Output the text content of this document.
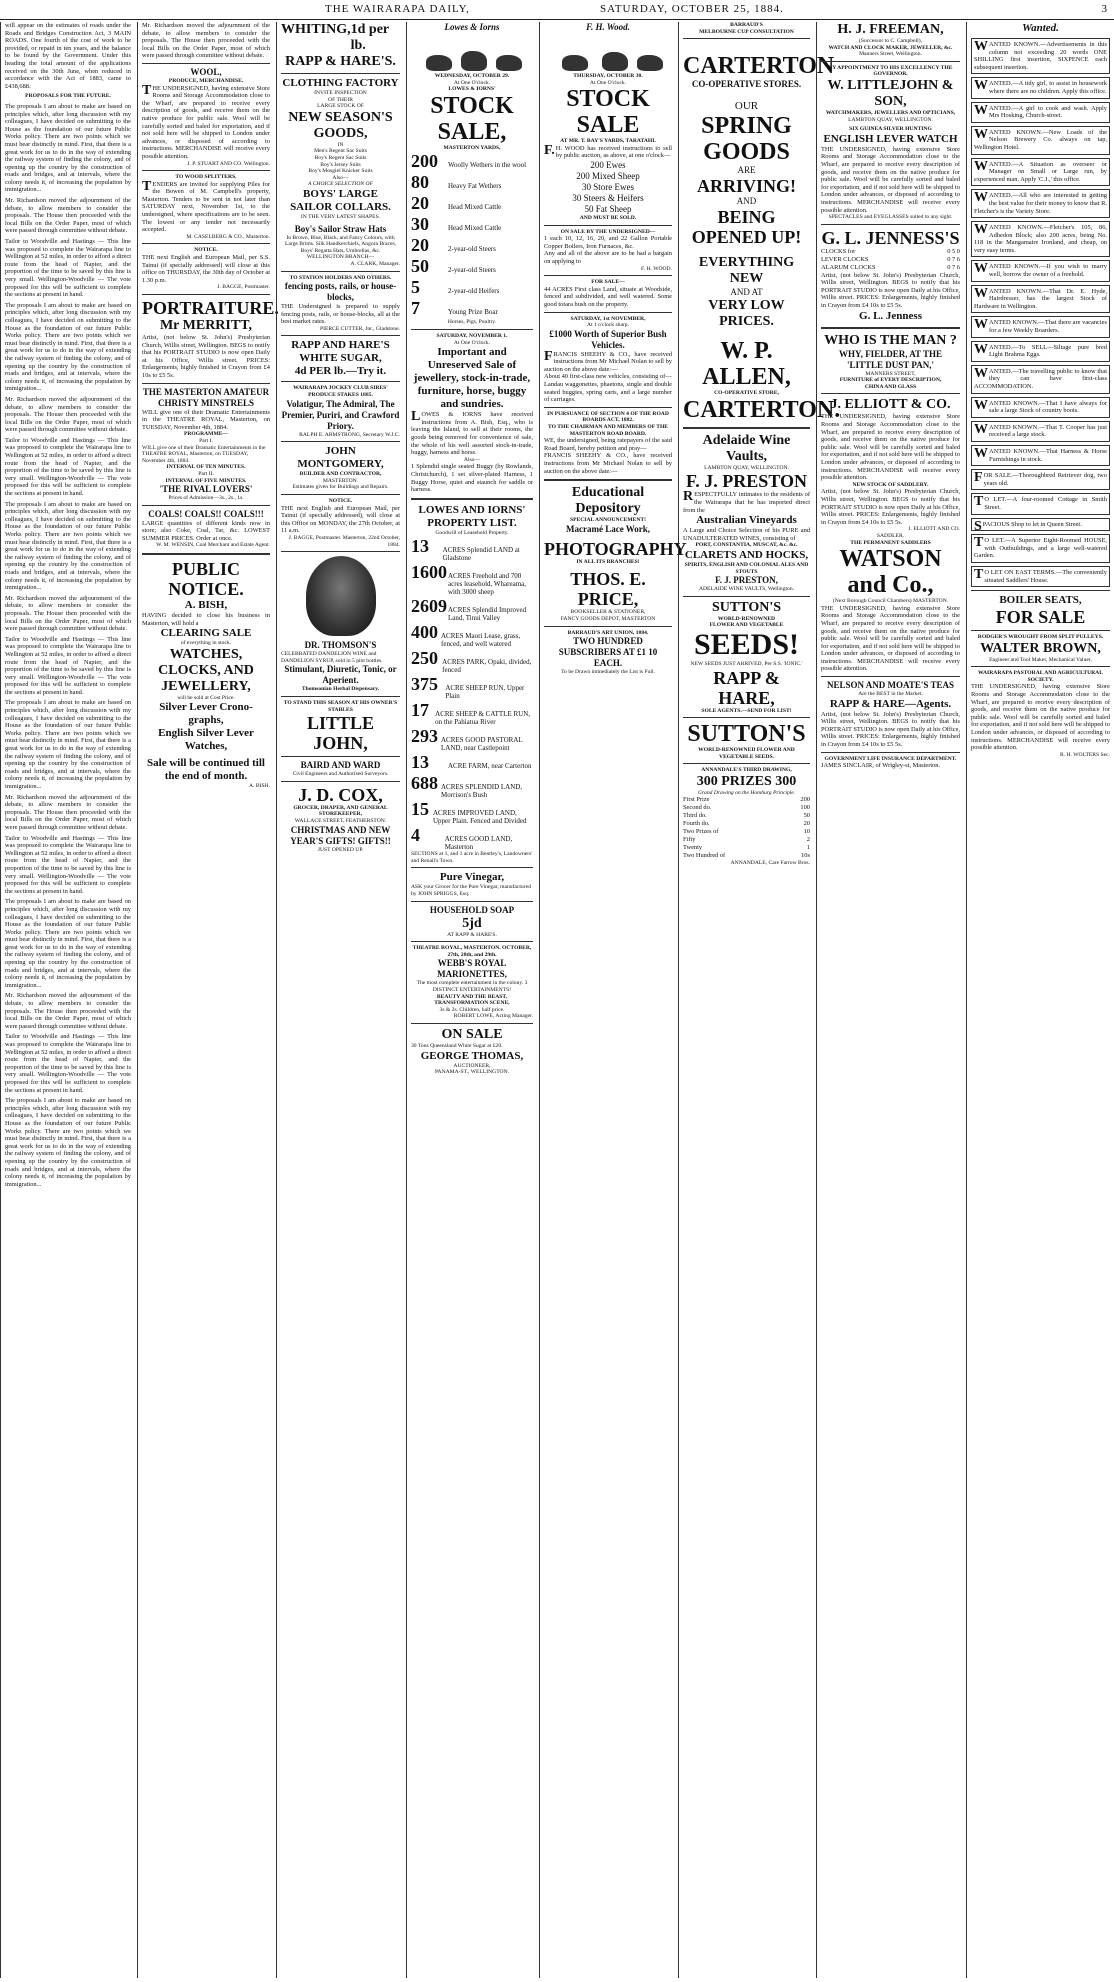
THE WAIRARAPA DAILY,	SATURDAY, OCTOBER 25, 1884.	3

will appear on the estimates of roads under the Roads and Bridges Construction Act, 3 MAIN ROADS. One fourth of the cost of work to be provided, or repaid in ten years, and the balance to be found by the Government. Under this heading the total amount of the applications received on the 30th June, when reduced in accordance with the Act of 1883, came to £438,688.

PROPOSALS FOR THE FUTURE.

The proposals I am about to make are based on principles which, after long discussion with my colleagues, I have decided on submitting to the House as the foundation of our future Public Works policy. There are two points which we must bear distinctly in mind. First, that there is a great work for us to do in the way of extending the railway system of finding the colony, and of opening up the country by the construction of roads and bridges, and at intervals, where the colony needs it, of increasing the population by immigration...

Mr. Richardson moved the adjournment of the debate, to allow members to consider the proposals. The House then proceeded with the local Bills on the Order Paper, most of which were passed through committee without debate.

Tailor to Woodville and Hastings — This line was proposed to complete the Wairarapa line to Wellington at 52 miles, in order to afford a direct route from the head of Napier, and the proportion of the time to be saved by this line is very small. Wellington-Woodville — The vote proposed for this will be sufficient to complete the sections at present in hand.

The proposals I am about to make are based on principles which, after long discussion with my colleagues, I have decided on submitting to the House as the foundation of our future Public Works policy. There are two points which we must bear distinctly in mind. First, that there is a great work for us to do in the way of extending the railway system of finding the colony, and of opening up the country by the construction of roads and bridges, and at intervals, where the colony needs it, of increasing the population by immigration...

Mr. Richardson moved the adjournment of the debate, to allow members to consider the proposals. The House then proceeded with the local Bills on the Order Paper, most of which were passed through committee without debate.

Tailor to Woodville and Hastings — This line was proposed to complete the Wairarapa line to Wellington at 52 miles, in order to afford a direct route from the head of Napier, and the proportion of the time to be saved by this line is very small. Wellington-Woodville — The vote proposed for this will be sufficient to complete the sections at present in hand.

The proposals I am about to make are based on principles which, after long discussion with my colleagues, I have decided on submitting to the House as the foundation of our future Public Works policy. There are two points which we must bear distinctly in mind. First, that there is a great work for us to do in the way of extending the railway system of finding the colony, and of opening up the country by the construction of roads and bridges, and at intervals, where the colony needs it, of increasing the population by immigration...

Mr. Richardson moved the adjournment of the debate, to allow members to consider the proposals. The House then proceeded with the local Bills on the Order Paper, most of which were passed through committee without debate.

Tailor to Woodville and Hastings — This line was proposed to complete the Wairarapa line to Wellington at 52 miles, in order to afford a direct route from the head of Napier, and the proportion of the time to be saved by this line is very small. Wellington-Woodville — The vote proposed for this will be sufficient to complete the sections at present in hand.

The proposals I am about to make are based on principles which, after long discussion with my colleagues, I have decided on submitting to the House as the foundation of our future Public Works policy. There are two points which we must bear distinctly in mind. First, that there is a great work for us to do in the way of extending the railway system of finding the colony, and of opening up the country by the construction of roads and bridges, and at intervals, where the colony needs it, of increasing the population by immigration...

Mr. Richardson moved the adjournment of the debate, to allow members to consider the proposals. The House then proceeded with the local Bills on the Order Paper, most of which were passed through committee without debate.

Tailor to Woodville and Hastings — This line was proposed to complete the Wairarapa line to Wellington at 52 miles, in order to afford a direct route from the head of Napier, and the proportion of the time to be saved by this line is very small. Wellington-Woodville — The vote proposed for this will be sufficient to complete the sections at present in hand.

The proposals I am about to make are based on principles which, after long discussion with my colleagues, I have decided on submitting to the House as the foundation of our future Public Works policy. There are two points which we must bear distinctly in mind. First, that there is a great work for us to do in the way of extending the railway system of finding the colony, and of opening up the country by the construction of roads and bridges, and at intervals, where the colony needs it, of increasing the population by immigration...

Mr. Richardson moved the adjournment of the debate, to allow members to consider the proposals. The House then proceeded with the local Bills on the Order Paper, most of which were passed through committee without debate.

Tailor to Woodville and Hastings — This line was proposed to complete the Wairarapa line to Wellington at 52 miles, in order to afford a direct route from the head of Napier, and the proportion of the time to be saved by this line is very small. Wellington-Woodville — The vote proposed for this will be sufficient to complete the sections at present in hand.

The proposals I am about to make are based on principles which, after long discussion with my colleagues, I have decided on submitting to the House as the foundation of our future Public Works policy. There are two points which we must bear distinctly in mind. First, that there is a great work for us to do in the way of extending the railway system of finding the colony, and of opening up the country by the construction of roads and bridges, and at intervals, where the colony needs it, of increasing the population by immigration...

Mr. Richardson moved the adjournment of the debate, to allow members to consider the proposals. The House then proceeded with the local Bills on the Order Paper, most of which were passed through committee without debate.
WOOL,
PRODUCE, MERCHANDISE.

THE UNDERSIGNED, having extensive Store Rooms and Storage Accommodation close to the Wharf, are prepared to receive every description of goods, and receive them on the native produce for public sale. Wool will be carefully sorted and baled for exportation, and if not sold here will be shipped to London under advances, or disposed of according to instructions. MERCHANDISE will receive every possible attention.

J. P. STUART AND CO. Wellington.

TO WOOD SPLITTERS.

TENDERS are invited for supplying Piles for the Bowen of M. Campbell's property, Masterton. Tenders to be sent in not later than SATURDAY next, November 1st, to the undersigned, where specifications are to be seen. The lowest or any tender not necessarily accepted.

M. CASELBERG & CO., Masterton.

NOTICE.

THE next English and European Mail, per S.S. Tainui (if specially addressed) will close at this office on THURSDAY, the 30th day of October at 1.30 p.m.

J. BAGGE, Postmaster.

PORTRAITURE.
Mr MERRITT,

Artist, (not below St. John's) Presbyterian Church, Willis street, Wellington. BEGS to notify that his PORTRAIT STUDIO is now open Daily at his Office, Willis street. PRICES: Enlargements, highly finished in Crayon from £4 10s to £5 5s.

THE MASTERTON AMATEUR CHRISTY MINSTRELS

WILL give one of their Dramatic Entertainments in the THEATRE ROYAL, Masterton, on TUESDAY, November 4th, 1884.

PROGRAMME—
Part I.

WILL give one of their Dramatic Entertainments in the THEATRE ROYAL, Masterton, on TUESDAY, November 4th, 1884.

INTERVAL OF TEN MINUTES.
Part II.
INTERVAL OF FIVE MINUTES.
'THE RIVAL LOVERS'
Prices of Admission—3s., 2s., 1s.
COALS! COALS!! COALS!!!

LARGE quantities of different kinds now in store; also Coke, Coal, Tar, &c. LOWEST SUMMER PRICES. Order at once.

W. M. WENSIN, Coal Merchant and Estate Agent.

PUBLIC NOTICE.
A. BISH,

HAVING decided to close his business in Masterton, will hold a

CLEARING SALE
of everything in stock.
WATCHES, CLOCKS, AND JEWELLERY,
will be sold at Cost Price.
Silver Lever Crono- graphs,
English Silver Lever Watches,
Sale will be continued till the end of month.

A. BISH.

WHITING, 1d per lb.
RAPP & HARE'S.
CLOTHING FACTORY
INVITE INSPECTION
OF THEIR
LARGE STOCK OF
NEW SEASON'S GOODS,
IN
Men's Regent Sac Suits
Boy's Regent Sac Suits
Boy's Jersey Suits
Boy's Mosgiel Knicker Suits
Also—
A CHOICE SELECTION OF
BOYS' LARGE SAILOR COLLARS.
IN THE VERY LATEST SHAPES.
Boy's Sailor Straw Hats

In Brown, Blue, Black, and Fancy Colours, with Large Brims. Silk Handkerchiefs, Angora Braces, Boys' Regatta Hats, Umbrellas, &c.

WELLINGTON BRANCH—
A. CLARK, Manager.
TO STATION HOLDERS AND OTHERS.
fencing posts, rails, or house-blocks,

THE Undersigned is prepared to supply fencing posts, rails, or house-blocks, all at the best market rates.

PIERCE CUTTER, Jnr., Gladstone.
RAPP AND HARE'S WHITE SUGAR,
4d PER lb.—Try it.
WAIRARAPA JOCKEY CLUB SIRES' PRODUCE STAKES 1885.
Volatigur, The Admiral, The Premier, Puriri, and Crawford Priory.
RALPH E. ARMSTRONG, Secretary W.J.C.
JOHN MONTGOMERY,
BUILDER AND CONTRACTOR,
MASTERTON.
Estimates given for Buildings and Repairs.
NOTICE.

THE next English and European Mail, per Tainui (if specially addressed), will close at this Office on MONDAY, the 27th October, at 11 a.m.

J. BAGGE, Postmaster. Masterton, 22nd October, 1884.
DR. THOMSON'S

CELEBRATED DANDELION WINE and DANDELION SYRUP, sold in 5 pint bottles.

Stimulant, Diuretic, Tonic, or Aperient.
Thomsonian Herbal Dispensary.
TO STAND THIS SEASON AT HIS OWNER'S STABLES
LITTLE JOHN,
BAIRD AND WARD
Civil Engineers and Authorised Surveyors.
J. D. COX,
GROCER, DRAPER, AND GENERAL STOREKEEPER,
WALLACE STREET, FEATHERSTON.
CHRISTMAS AND NEW YEAR'S GIFTS! GIFTS!!
JUST OPENED UP.
Lowes & Iorns
WEDNESDAY, OCTOBER 29.
At One O'clock.
LOWES & IORNS'
STOCK SALE,
MASTERTON YARDS,
200	Woolly Wethers in the wool
80	Heavy Fat Wethers
20	Head Mixed Cattle
30	Head Mixed Cattle
20	2-year-old Steers
50	2-year-old Steers
5	2-year-old Heifers
7	Young Prize Boar
Horses, Pigs, Poultry.
SATURDAY, NOVEMBER 1.
At One O'clock.
Important and Unreserved Sale of jewellery, stock-in-trade, furniture, horse, buggy and sundries.

LOWES & IORNS have received instructions from A. Bish, Esq., who is leaving the Island, to sell at their rooms, the goods being removed for convenience of sale, the whole of his well assorted stock-in-trade, buggy, harness and horse.

Also—

1 Splendid single seated Buggy (by Rowlands, Christchurch), 1 set silver-plated Harness, 1 Buggy Horse, quiet and staunch for saddle or harness.

LOWES AND IORNS' PROPERTY LIST.
Goodwill of Leasehold Property.
13	ACRES Splendid LAND at Gladstone
1600 ACRES Freehold and 700 acres leasehold, Whareama, with 3000 sheep
2609 ACRES Splendid Improved Land, Tinui Valley
400 ACRES Maori Lease, grass, fenced, and well watered
250 ACRES PARK, Opaki, divided, fenced
375	ACRE SHEEP RUN, Upper Plain
17 ACRE SHEEP & CATTLE RUN, on the Pahiatua River
293 ACRES GOOD PASTORAL LAND, near Castlepoint
13	ACRE FARM, near Carterton
688 ACRES SPLENDID LAND, Morrison's Bush
15 ACRES IMPROVED LAND, Upper Plain. Fenced and Divided
4	ACRES GOOD LAND, Masterton

SECTIONS at 1, and 1 acre in Bentley's, Landowners' and Renall's Town.

Pure Vinegar,

ASK your Grocer for the Pure Vinegar, manufactured by JOHN SPRIGGS, Esq.

HOUSEHOLD SOAP
5jd
AT RAPP & HARE'S.
THEATRE ROYAL, MASTERTON. OCTOBER, 27th, 28th, and 29th.
WEBB'S ROYAL MARIONETTES,

The most complete entertainment in the colony. 3 DISTINCT ENTERTAINMENTS!

BEAUTY AND THE BEAST,
TRANSFORMATION SCENE,
3s & 2s. Children, half price.
ROBERT LOWE, Acting Manager.
ON SALE

30 Tons Queensland White Sugar at £20.

GEORGE THOMAS,
AUCTIONEER,
PANAMA-ST., WELLINGTON.
F. H. Wood.
THURSDAY, OCTOBER 30.
At One O'clock.
STOCK SALE
AT MR. T. BAY'S YARDS, TARATAHI.

F.H. WOOD has received instructions to sell by public auction, as above, at one o'clock—

200 Ewes
200 Mixed Sheep
30 Store Ewes
30 Steers & Heifers
50 Fat Sheep
AND MUST BE SOLD.
ON SALE BY THE UNDERSIGNED—

1 each 10, 12, 16, 20, and 22 Gallon Portable Copper Boilers, Iron Furnaces, &c.

Any and all of the above are to be had a bargain on applying to

F. H. WOOD.
FOR SALE—

44 ACRES First class Land, situate at Woodside, fenced and subdivided, and well watered. Some good totara bush on the property.

SATURDAY, 1st NOVEMBER,
At 1 o'clock sharp.
£1000 Worth of Superior Bush Vehicles.

FRANCIS SHEEHY & CO., have received instructions from Mr Michael Nolan to sell by auction on the above date:—

About 40 first-class new vehicles, consisting of—

Landau waggonettes, phaetons, single and double seated buggies, spring carts, and a large number of carriages.

IN PURSUANCE OF SECTION 4 OF THE ROAD BOARDS ACT, 1882.
TO THE CHAIRMAN AND MEMBERS OF THE MASTERTON ROAD BOARD.

WE, the undersigned, being ratepayers of the said Road Board, hereby petition and pray—

FRANCIS SHEEHY & CO., have received instructions from Mr Michael Nolan to sell by auction on the above date:—

Educational Depository
SPECIAL ANNOUNCEMENT!
Macramé Lace Work,
PHOTOGRAPHY
IN ALL ITS BRANCHES!
THOS. E. PRICE,
BOOKSELLER & STATIONER,
FANCY GOODS DEPOT, MASTERTON
BARRAUD'S ART UNION, 1884.
TWO HUNDRED SUBSCRIBERS AT £1 10 EACH.
To be Drawn immediately the List is Full.
BARRAUD'S
MELBOURNE CUP CONSULTATION
CARTERTON
CO-OPERATIVE STORES.
OUR
SPRING GOODS
ARE
ARRIVING!
AND
BEING OPENED UP!
EVERYTHING NEW
AND AT
VERY LOW PRICES.
W. P. ALLEN,
CO-OPERATIVE STORE,
CARTERTON.
Adelaide Wine Vaults,
LAMBTON QUAY, WELLINGTON.
F. J. PRESTON

RESPECTFULLY intimates to the residents of the Wairarapa that he has imported direct from the

Australian Vineyards

A Large and Choice Selection of his PURE and UNADULTERATED WINES, consisting of

PORT, CONSTANTIA, MUSCAT, &c. &c.
CLARETS AND HOCKS,
SPIRITS, ENGLISH AND COLONIAL ALES AND STOUTS
F. J. PRESTON,
ADELAIDE WINE VAULTS, Wellington.
SUTTON'S
WORLD-RENOWNED
FLOWER AND VEGETABLE
SEEDS!
NEW SEEDS JUST ARRIVED, Per S.S. 'IONIC.'
RAPP & HARE,
SOLE AGENTS.—SEND FOR LIST!
SUTTON'S
WORLD-RENOWNED FLOWER AND VEGETABLE SEEDS.
ANNANDALE'S THIRD DRAWING,
300 PRIZES 300
Grand Drawing on the Homburg Principle.
First Prize	200
Second do.	100
Third do.	50
Fourth do.	20
Two Prizes of	10
Fifty	2
Twenty	1
Two Hundred of	10s
ANNANDALE, Care Farrow Bros.
H. J. FREEMAN,
(Successor to C. Campbell),
WATCH AND CLOCK MAKER, JEWELLER, &c.
Manners Street, Wellington.
BY APPOINTMENT TO HIS EXCELLENCY THE GOVERNOR.
W. LITTLEJOHN & SON,
WATCHMAKERS, JEWELLERS AND OPTICIANS,
LAMBTON QUAY, WELLINGTON.
SIX GUINEA SILVER HUNTING
ENGLISH LEVER WATCH

THE UNDERSIGNED, having extensive Store Rooms and Storage Accommodation close to the Wharf, are prepared to receive every description of goods, and receive them on the native produce for public sale. Wool will be carefully sorted and baled for exportation, and if not sold here will be shipped to London under advances, or disposed of according to instructions. MERCHANDISE will receive every possible attention.

SPECTACLES and EYEGLASSES suited to any sight.
G. L. JENNESS'S
CLOCKS for	0 5 0
LEVER CLOCKS	0 7 6
ALARUM CLOCKS	0 7 6

Artist, (not below St. John's) Presbyterian Church, Willis street, Wellington. BEGS to notify that his PORTRAIT STUDIO is now open Daily at his Office, Willis street. PRICES: Enlargements, highly finished in Crayon from £4 10s to £5 5s.

G. L. Jenness
WHO IS THE MAN ?
WHY, FIELDER, AT THE 'LITTLE DUST PAN,'
MANNERS STREET,
FURNITURE of EVERY DESCRIPTION,
CHINA AND GLASS
J. ELLIOTT & CO.

THE UNDERSIGNED, having extensive Store Rooms and Storage Accommodation close to the Wharf, are prepared to receive every description of goods, and receive them on the native produce for public sale. Wool will be carefully sorted and baled for exportation, and if not sold here will be shipped to London under advances, or disposed of according to instructions. MERCHANDISE will receive every possible attention.

NEW STOCK OF SADDLERY.

Artist, (not below St. John's) Presbyterian Church, Willis street, Wellington. BEGS to notify that his PORTRAIT STUDIO is now open Daily at his Office, Willis street. PRICES: Enlargements, highly finished in Crayon from £4 10s to £5 5s.

J. ELLIOTT AND CO.
SADDLER.
THE PERMANENT SADDLERS
WATSON and Co.,
(Next Borough Council Chambers) MASTERTON.

THE UNDERSIGNED, having extensive Store Rooms and Storage Accommodation close to the Wharf, are prepared to receive every description of goods, and receive them on the native produce for public sale. Wool will be carefully sorted and baled for exportation, and if not sold here will be shipped to London under advances, or disposed of according to instructions. MERCHANDISE will receive every possible attention.

NELSON AND MOATE'S TEAS
Are the BEST in the Market.
RAPP & HARE—Agents.

Artist, (not below St. John's) Presbyterian Church, Willis street, Wellington. BEGS to notify that his PORTRAIT STUDIO is now open Daily at his Office, Willis street. PRICES: Enlargements, highly finished in Crayon from £4 10s to £5 5s.

GOVERNMENT LIFE INSURANCE DEPARTMENT.

JAMES SINCLAIR, of Wrigley-st, Masterton.

Wanted.

WANTED KNOWN.—Advertisements in this column not exceeding 20 words ONE SHILLING first insertion, SIXPENCE each subsequent insertion.

WANTED.—A tidy girl, to assist in housework where there are no children. Apply this office.

WANTED.—A girl to cook and wash. Apply Mrs Hosking, Church-street.

WANTED KNOWN.—New Loads of the Nelson Brewery Co. always on tap, Wellington Hotel.

WANTED.—A Situation as overseer or Manager on Small or Large run, by experienced man. Apply 'C.J.,' this office.

WANTED.—All who are interested in getting the best value for their money to know that R. Fletcher's is the Variety Store.

WANTED KNOWN.—Fletcher's 105, 86, Adhedon Block; also 200 acres, being No. 118 in the Mangamaire Ironland, and cheap, on very easy terms.

WANTED KNOWN.—If you wish to marry well, borrow the owner of a freehold.

WANTED KNOWN.—That Dr. E. Hyde, Hairdresser, has the largest Stock of Hardware in Wellington.

WANTED KNOWN.—That there are vacancies for a few Weekly Boarders.

WANTED.—To SELL—Siltage pure bred Light Brahma Eggs.

WANTED.—The travelling public to know that they can have first-class ACCOMMODATION.

WANTED KNOWN.—That I have always for sale a large Stock of country boots.

WANTED KNOWN.—That T. Cooper has just received a large stock.

WANTED KNOWN.—That Harness & Horse Furnishings in stock.

FOR SALE.—Thoroughbred Retriever dog, two years old.

TO LET.—A four-roomed Cottage in Smith Street.

SPACIOUS Shop to let in Queen Street.

TO LET.—A Superior Eight-Roomed HOUSE, with Outbuildings, and a large well-watered Garden.

TO LET ON EAST TERMS.—The conveniently situated Saddlers' House.

BOILER SEATS,
FOR SALE
RODGER'S WROUGHT FROM SPLIT PULLEYS.
WALTER BROWN,
Engineer and Tool Maker, Mechanical Valuer,
WAIRARAPA PASTORAL AND AGRICULTURAL SOCIETY.

THE UNDERSIGNED, having extensive Store Rooms and Storage Accommodation close to the Wharf, are prepared to receive every description of goods, and receive them on the native produce for public sale. Wool will be carefully sorted and baled for exportation, and if not sold here will be shipped to London under advances, or disposed of according to instructions. MERCHANDISE will receive every possible attention.

R. H. WOLTERS Sec.
